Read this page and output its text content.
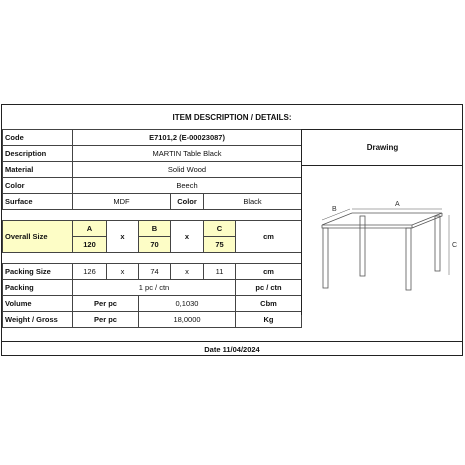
ITEM DESCRIPTION / DETAILS:
Code	E7101,2 (E-00023087)					
Description	MARTIN Table Black					
Material	Solid Wood					
Color	Beech					
Surface	MDF			Color	Black	

Overall Size	A	x	B	x	C	cm
	120		70		75	

Packing Size	126	x	74	x	11	cm
Packing	1 pc / ctn					pc / ctn
Volume	Per pc		0,1030			Cbm
Weight / Gross	Per pc		18,0000			Kg
Drawing
A
B
C
Date 11/04/2024
